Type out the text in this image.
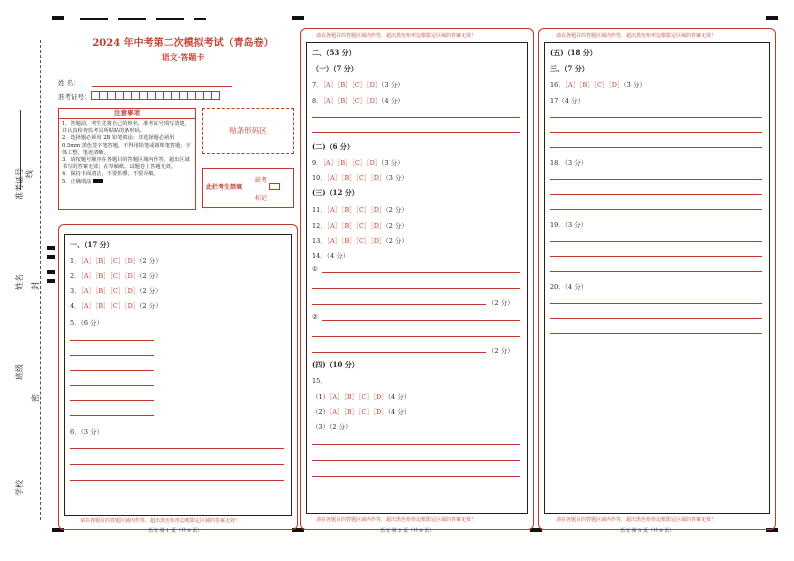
准考证号 线
姓名 封
班级
密
学校
2024 年中考第二次模拟考试（青岛卷）
语文·答题卡
姓 名：
准考证号：
注意事项
1．答题前，考生先将自己的姓名，准考证号填写清楚，并认真检查监考员所粘贴的条形码。
2．选择题必须用 2B 铅笔填涂；非选择题必须用 0.5mm 黑色签字笔答题，不得用铅笔或圆珠笔答题；字体工整、笔迹清晰。
3．请按题号顺序在各题目的答题区域内作答，超出区域书写的答案无效；在草稿纸、试题卷上答题无效。
4．保持卡面清洁，不要折叠、不要弄破。
5．正确填涂
贴条形码区
此栏考生禁填
缺考
标记
请在各题目的答题区域内作答，超出黑色矩形边框限定区域的答案无效！
一、（17 分）
1．［A］［B］［C］［D］（2 分）
2．［A］［B］［C］［D］（2 分）
3．［A］［B］［C］［D］（2 分）
4．［A］［B］［C］［D］（2 分）
5．（6 分）
6．（3 分）
语文 第 1 页（共 6 页）
请在各题目的答题区域内作答，超出黑色矩形边框限定区域的答案无效！
请在各题目的答题区域内作答，超出黑色矩形边框限定区域的答案无效！
二、（53 分）
（一）（7 分）
7．［A］［B］［C］［D］（3 分）
8．［A］［B］［C］［D］（4 分）
(二)（6 分）
9．［A］［B］［C］［D］（3 分）
10．［A］［B］［C］［D］（3 分）
(三)（12 分）
11．［A］［B］［C］［D］（2 分）
12．［A］［B］［C］［D］（2 分）
13．［A］［B］［C］［D］（2 分）
14．（4 分）
①
（2 分）
②
（2 分）
(四)（10 分）
15．
（1）［A］［B］［C］［D］（4 分）
（2）［A］［B］［C］［D］（4 分）
（3）（2 分）
语文 第 2 页（共 6 页）
请在各题目的答题区域内作答，超出黑色矩形边框限定区域的答案无效！
请在各题目的答题区域内作答，超出黑色矩形边框限定区域的答案无效！
(五)（18 分）
三、（7 分）
16．［A］［B］［C］［D］（3 分）
17（4 分）
18．（3 分）
19．（3 分）
20．（4 分）
语文 第 3 页（共 6 页）
